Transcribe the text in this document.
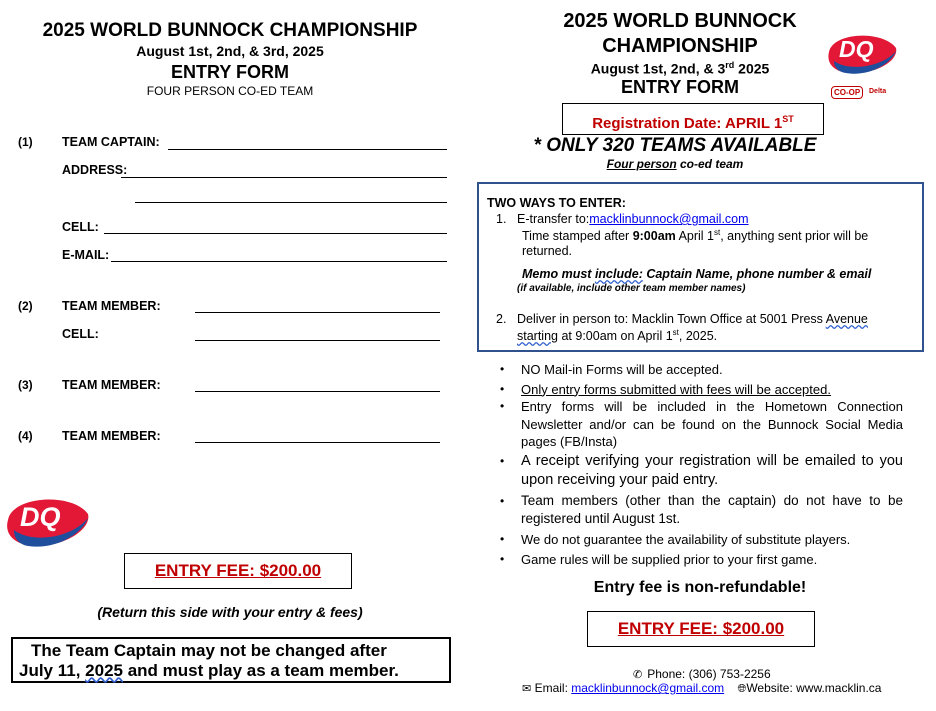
2025 WORLD BUNNOCK CHAMPIONSHIP
August 1st, 2nd, & 3rd, 2025
ENTRY FORM
FOUR PERSON CO-ED TEAM
(1) TEAM CAPTAIN:
ADDRESS:
CELL:
E-MAIL:
(2) TEAM MEMBER:
CELL:
(3) TEAM MEMBER:
(4) TEAM MEMBER:
DQ
ENTRY FEE: $200.00
(Return this side with your entry & fees)
The Team Captain may not be changed after
July 11, 2025 and must play as a team member.
2025 WORLD BUNNOCK CHAMPIONSHIP
August 1st, 2nd, & 3rd 2025
ENTRY FORM
DQ
CO-OP	Delta
Registration Date: APRIL 1ST
* ONLY 320 TEAMS AVAILABLE
Four person co-ed team
TWO WAYS TO ENTER:
1. E-transfer to:macklinbunnock@gmail.com
Time stamped after 9:00am April 1st, anything sent prior will be
returned.
Memo must include: Captain Name, phone number & email
(if available, include other team member names)
2. Deliver in person to: Macklin Town Office at 5001 Press Avenue
starting at 9:00am on April 1st, 2025.
• NO Mail-in Forms will be accepted.
• Only entry forms submitted with fees will be accepted.
• Entry forms will be included in the Hometown Connection
Newsletter and/or can be found on the Bunnock Social Media
pages (FB/Insta)
• A receipt verifying your registration will be emailed to you
upon receiving your paid entry.
• Team members (other than the captain) do not have to be
registered until August 1st.
• We do not guarantee the availability of substitute players.
• Game rules will be supplied prior to your first game.
Entry fee is non-refundable!
ENTRY FEE: $200.00
✆ Phone: (306) 753-2256
✉ Email: macklinbunnock@gmail.com 🌐︎Website: www.macklin.ca
